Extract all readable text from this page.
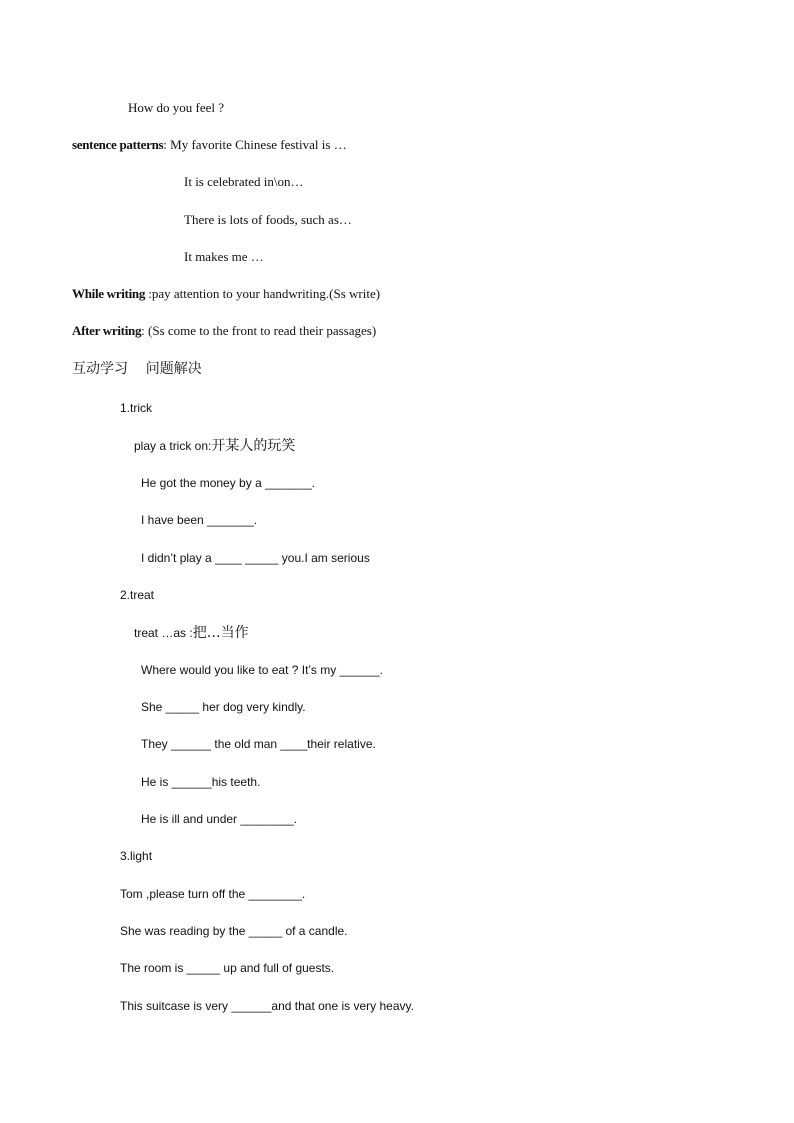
How do you feel ?
sentence patterns: My favorite Chinese festival is …
It is celebrated in\on…
There is lots of foods, such as…
It makes me …
While writing :pay attention to your handwriting.(Ss write)
After writing: (Ss come to the front to read their passages)
互动学习    问题解决
1.trick
play a trick on:开某人的玩笑
He got the money by a _______.
I have been _______.
I didn’t play a ____ _____ you.I am serious
2.treat
treat …as :把…当作
Where would you like to eat ? It’s my ______.
She _____ her dog very kindly.
They ______ the old man ____their relative.
He is ______his teeth.
He is ill and under ________.
3.light
Tom ,please turn off the ________.
She was reading by the _____ of a candle.
The room is _____ up and full of guests.
This suitcase is very ______and that one is very heavy.
